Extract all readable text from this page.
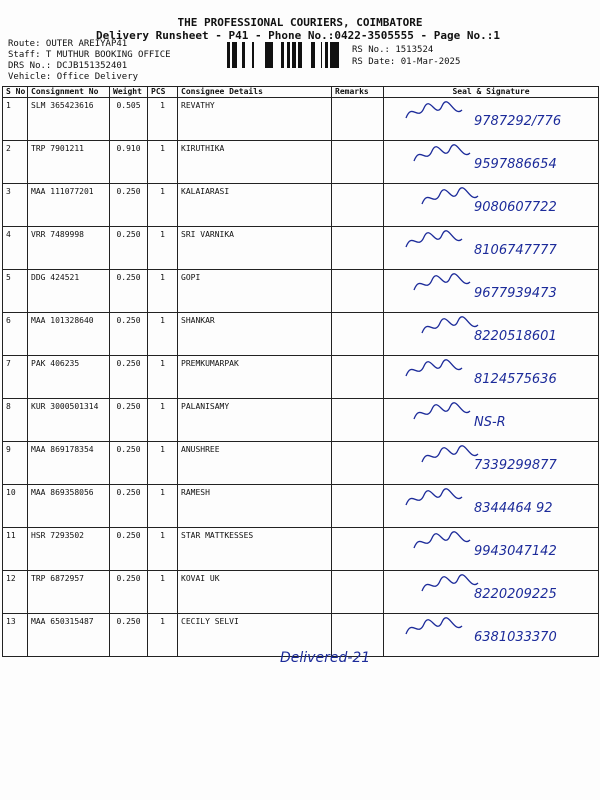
THE PROFESSIONAL COURIERS, COIMBATORE
Delivery Runsheet - P41 - Phone No.:0422-3505555 - Page No.:1
Route: OUTER AREIYAP41
Staff: T MUTHUR BOOKING OFFICE
DRS No.: DCJB151352401
Vehicle: Office Delivery
RS No.: 1513524
RS Date: 01-Mar-2025
S No	Consignment No	Weight	PCS	Consignee Details	Remarks	Seal & Signature
1	SLM 365423616	0.505	1	REVATHY		9787292/776

2	TRP 7901211	0.910	1	KIRUTHIKA		9597886654

3	MAA 111077201	0.250	1	KALAIARASI		9080607722

4	VRR 7489998	0.250	1	SRI VARNIKA		8106747777

5	DDG 424521	0.250	1	GOPI		9677939473

6	MAA 101328640	0.250	1	SHANKAR		8220518601

7	PAK 406235	0.250	1	PREMKUMARPAK		8124575636

8	KUR 3000501314	0.250	1	PALANISAMY		NS-R

9	MAA 869178354	0.250	1	ANUSHREE		7339299877

10	MAA 869358056	0.250	1	RAMESH		8344464 92

11	HSR 7293502	0.250	1	STAR MATTKESSES		9943047142

12	TRP 6872957	0.250	1	KOVAI UK		8220209225

13	MAA 650315487	0.250	1	CECILY SELVI		6381033370
Delivered-21
